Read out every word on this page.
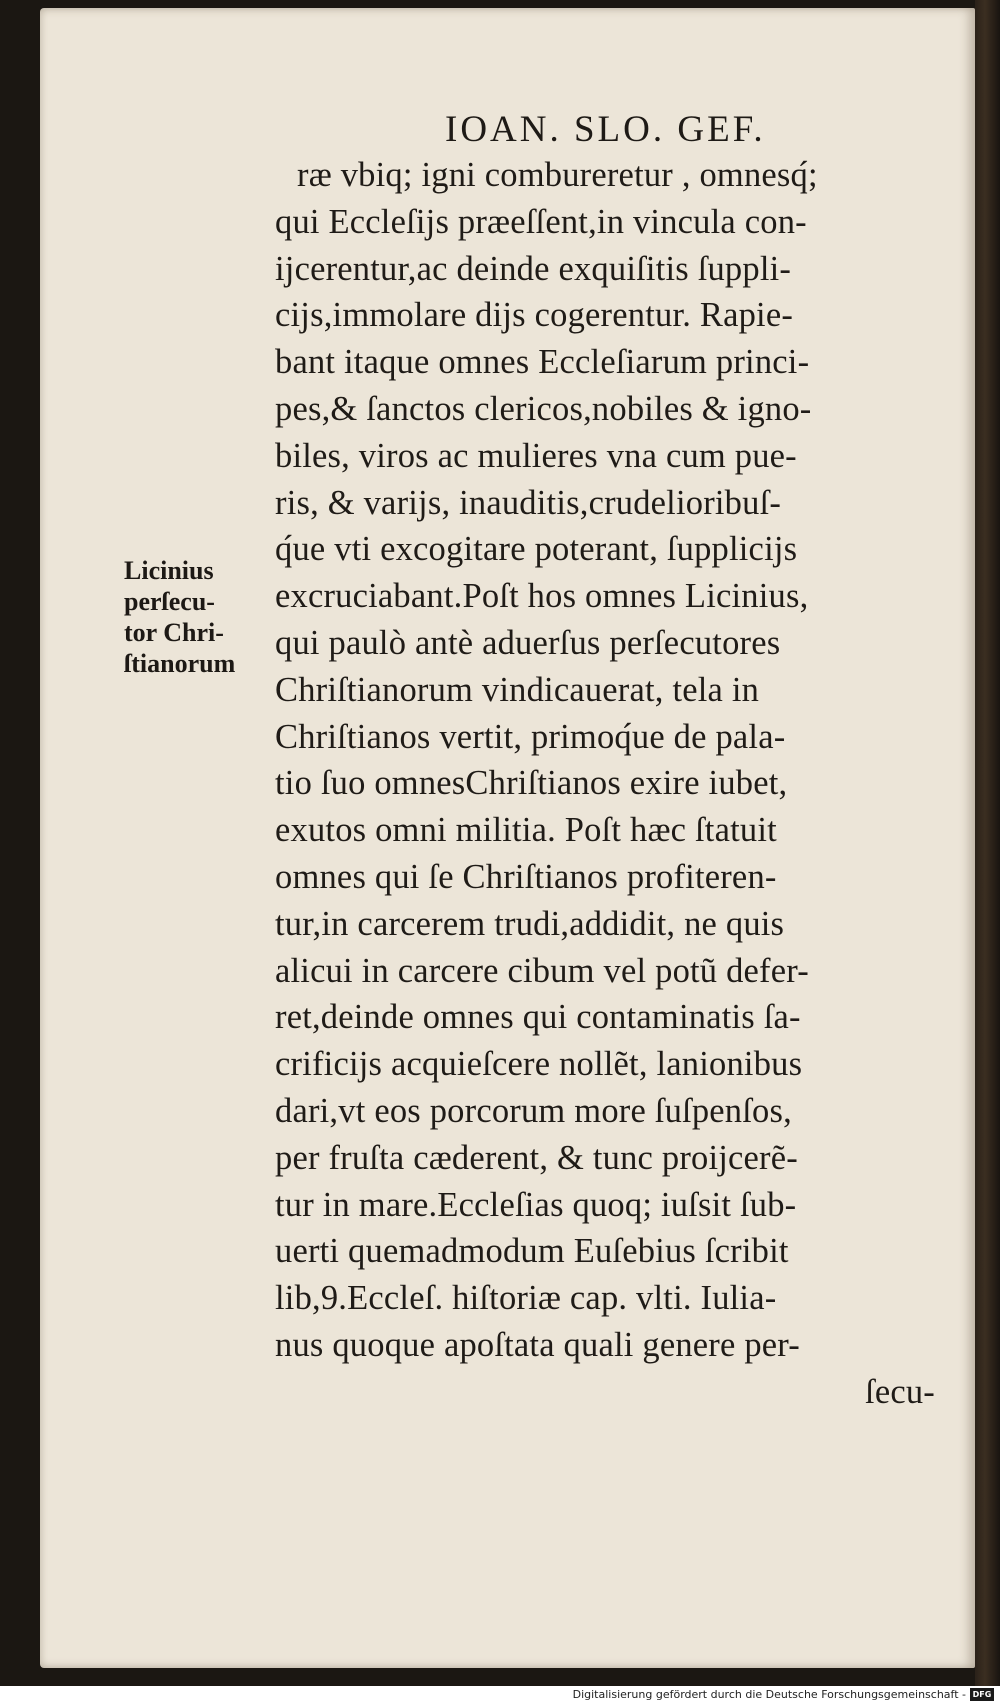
IOAN. SLO. GEF.
Licinius
perſecu-
tor Chri-
ſtianorum
ræ vbiq; igni combureretur , omnesq́;
qui Eccleſijs præeſſent,in vincula con-
ijcerentur,ac deinde exquiſitis ſuppli-
cijs,immolare dijs cogerentur. Rapie-
bant itaque omnes Eccleſiarum princi-
pes,& ſanctos clericos,nobiles & igno-
biles, viros ac mulieres vna cum pue-
ris, & varijs, inauditis,crudelioribuſ-
q́ue vti excogitare poterant, ſupplicijs
excruciabant.Poſt hos omnes Licinius,
qui paulò antè aduerſus perſecutores
Chriſtianorum vindicauerat, tela in
Chriſtianos vertit, primoq́ue de pala-
tio ſuo omnesChriſtianos exire iubet,
exutos omni militia. Poſt hæc ſtatuit
omnes qui ſe Chriſtianos profiteren-
tur,in carcerem trudi,addidit, ne quis
alicui in carcere cibum vel potũ defer-
ret,deinde omnes qui contaminatis ſa-
crificijs acquieſcere nollẽt, lanionibus
dari,vt eos porcorum more ſuſpenſos,
per fruſta cæderent, & tunc proijcerẽ-
tur in mare.Eccleſias quoq; iuſsit ſub-
uerti quemadmodum Euſebius ſcribit
lib,9.Eccleſ. hiſtoriæ cap. vlti. Iulia-
nus quoque apoſtata quali genere per-
ſecu-
Digitalisierung gefördert durch die Deutsche Forschungsgemeinschaft - DFG
